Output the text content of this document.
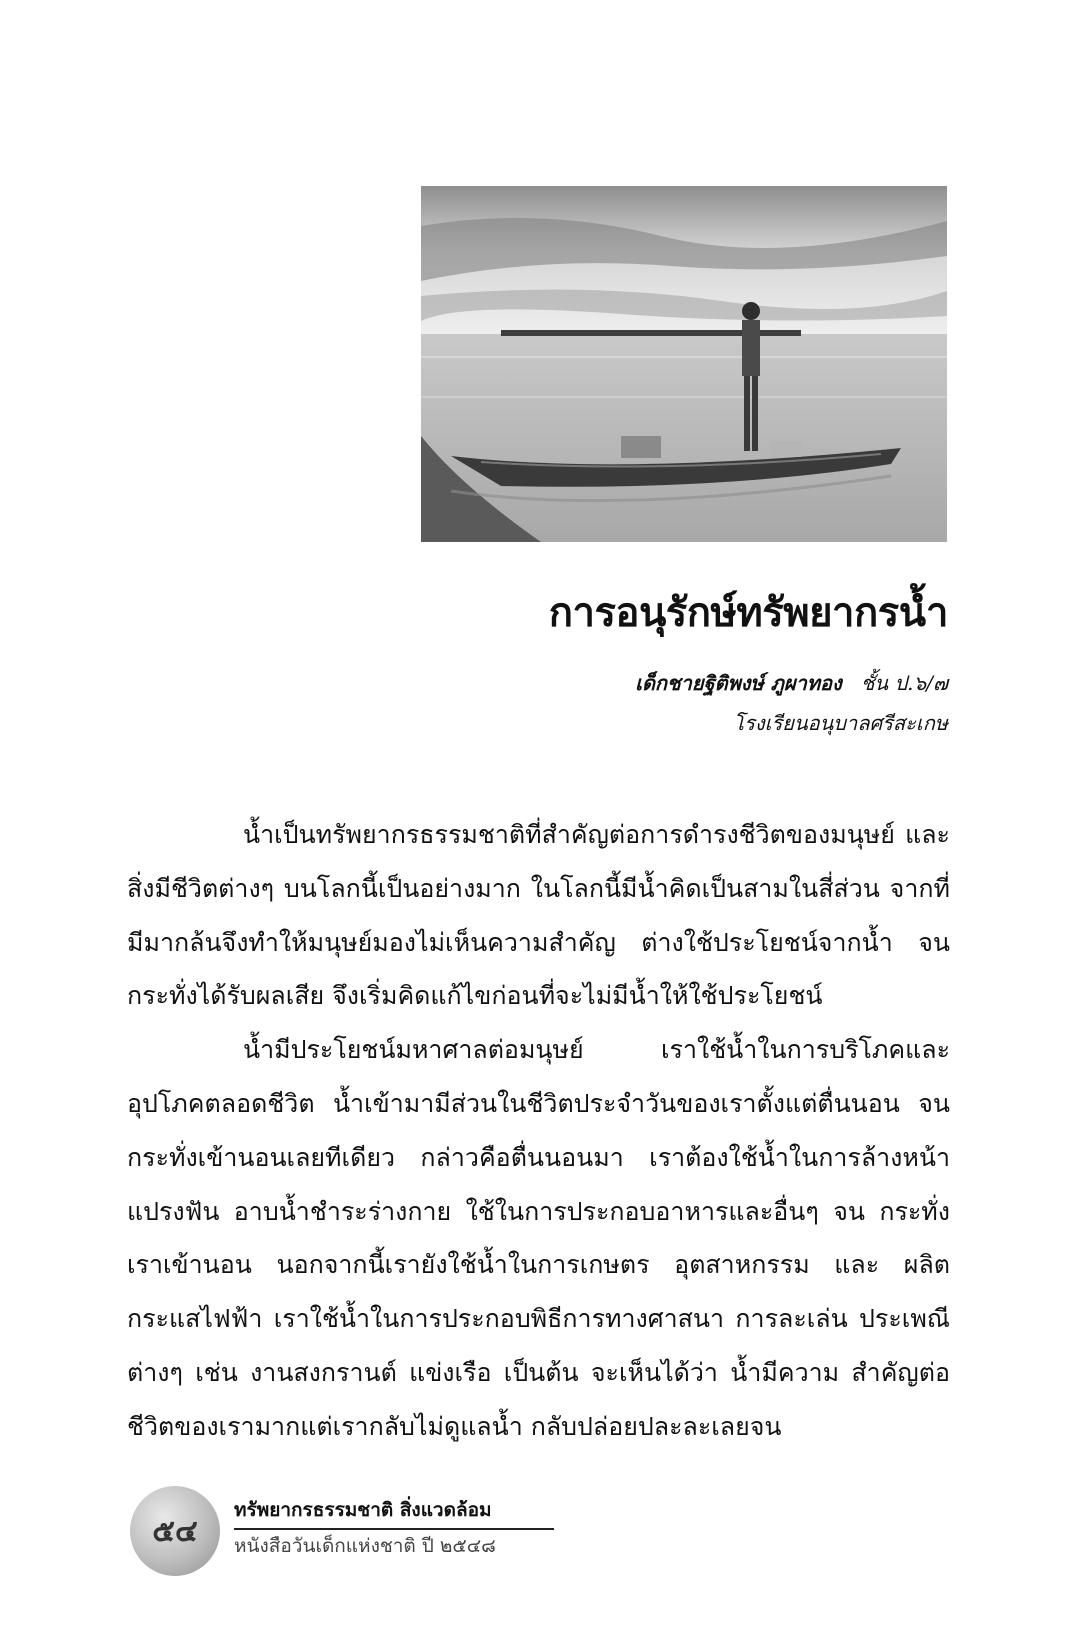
การอนุรักษ์ทรัพยากรน้ำ
เด็กชายฐิติพงษ์ ภูผาทอง ชั้น ป.๖/๗
โรงเรียนอนุบาลศรีสะเกษ

น้ำเป็นทรัพยากรธรรมชาติที่สำคัญต่อการดำรงชีวิตของมนุษย์ และสิ่งมีชีวิตต่างๆ บนโลกนี้เป็นอย่างมาก ในโลกนี้มีน้ำคิดเป็นสามในสี่ส่วน จากที่มีมากล้นจึงทำให้มนุษย์มองไม่เห็นความสำคัญ ต่างใช้ประโยชน์จากน้ำ จนกระทั่งได้รับผลเสีย จึงเริ่มคิดแก้ไขก่อนที่จะไม่มีน้ำให้ใช้ประโยชน์

น้ำมีประโยชน์มหาศาลต่อมนุษย์ เราใช้น้ำในการบริโภคและ อุปโภคตลอดชีวิต น้ำเข้ามามีส่วนในชีวิตประจำวันของเราตั้งแต่ตื่นนอน จนกระทั่งเข้านอนเลยทีเดียว กล่าวคือตื่นนอนมา เราต้องใช้น้ำในการล้างหน้า แปรงฟัน อาบน้ำชำระร่างกาย ใช้ในการประกอบอาหารและอื่นๆ จน กระทั่งเราเข้านอน นอกจากนี้เรายังใช้น้ำในการเกษตร อุตสาหกรรม และ ผลิตกระแสไฟฟ้า เราใช้น้ำในการประกอบพิธีการทางศาสนา การละเล่น ประเพณีต่างๆ เช่น งานสงกรานต์ แข่งเรือ เป็นต้น จะเห็นได้ว่า น้ำมีความ สำคัญต่อชีวิตของเรามากแต่เรากลับไม่ดูแลน้ำ กลับปล่อยปละละเลยจน

๕๔
ทรัพยากรธรรมชาติ สิ่งแวดล้อม
หนังสือวันเด็กแห่งชาติ ปี ๒๕๔๘
